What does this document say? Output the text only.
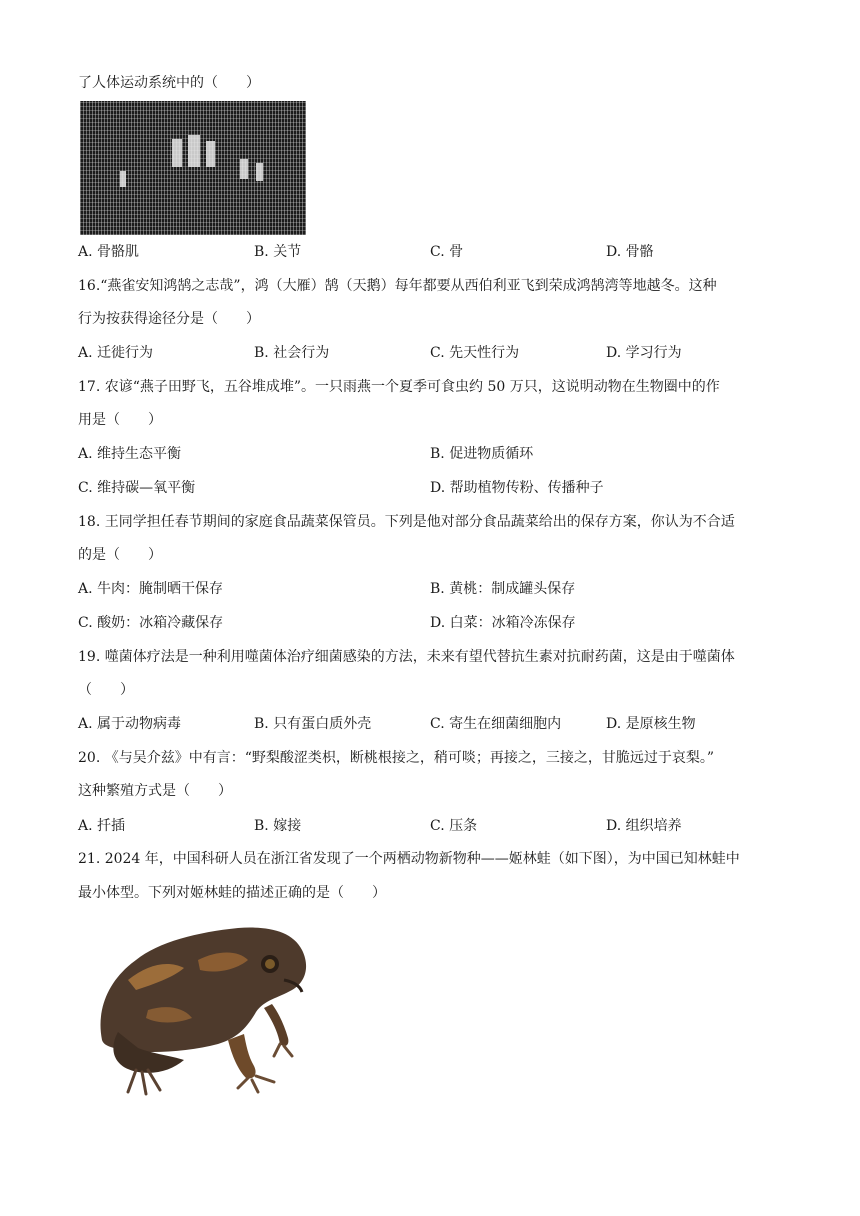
了人体运动系统中的（　　）
A. 骨骼肌	B. 关节	C. 骨	D. 骨骼
16.“燕雀安知鸿鹄之志哉”，鸿（大雁）鹄（天鹅）每年都要从西伯利亚飞到荣成鸿鹄湾等地越冬。这种
行为按获得途径分是（　　）
A. 迁徙行为	B. 社会行为	C. 先天性行为	D. 学习行为
17. 农谚“燕子田野飞，五谷堆成堆”。一只雨燕一个夏季可食虫约 50 万只，这说明动物在生物圈中的作
用是（　　）
A. 维持生态平衡	B. 促进物质循环
C. 维持碳—氧平衡	D. 帮助植物传粉、传播种子
18. 王同学担任春节期间的家庭食品蔬菜保管员。下列是他对部分食品蔬菜给出的保存方案，你认为不合适
的是（　　）
A. 牛肉：腌制晒干保存	B. 黄桃：制成罐头保存
C. 酸奶：冰箱冷藏保存	D. 白菜：冰箱冷冻保存
19. 噬菌体疗法是一种利用噬菌体治疗细菌感染的方法，未来有望代替抗生素对抗耐药菌，这是由于噬菌体
（　　）
A. 属于动物病毒	B. 只有蛋白质外壳	C. 寄生在细菌细胞内	D. 是原核生物
20. 《与吴介兹》中有言：“野梨酸涩类枳，断桃根接之，稍可啖；再接之，三接之，甘脆远过于哀梨。”
这种繁殖方式是（　　）
A. 扦插	B. 嫁接	C. 压条	D. 组织培养
21. 2024 年，中国科研人员在浙江省发现了一个两栖动物新物种——姬林蛙（如下图），为中国已知林蛙中
最小体型。下列对姬林蛙的描述正确的是（　　）
